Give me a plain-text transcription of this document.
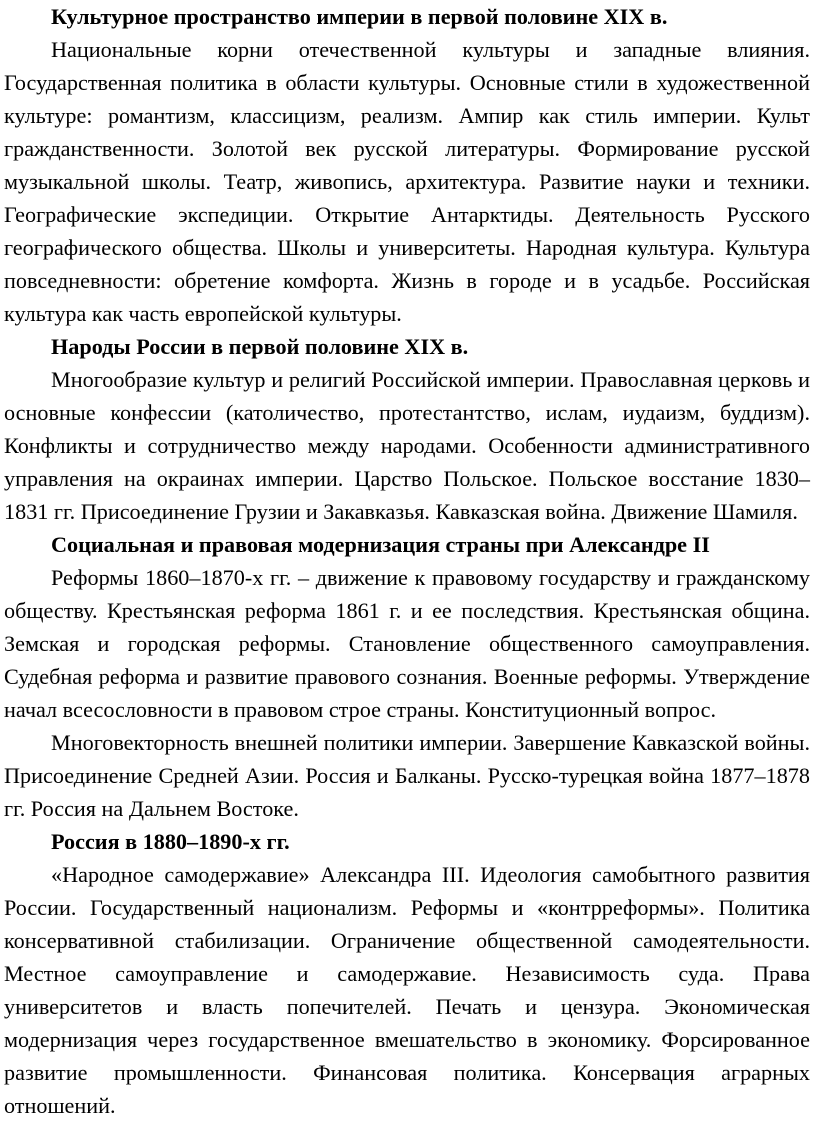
Культурное пространство империи в первой половине XIX в.

Национальные корни отечественной культуры и западные влияния. Государственная политика в области культуры. Основные стили в художественной культуре: романтизм, классицизм, реализм. Ампир как стиль империи. Культ гражданственности. Золотой век русской литературы. Формирование русской музыкальной школы. Театр, живопись, архитектура. Развитие науки и техники. Географические экспедиции. Открытие Антарктиды. Деятельность Русского географического общества. Школы и университеты. Народная культура. Культура повседневности: обретение комфорта. Жизнь в городе и в усадьбе. Российская культура как часть европейской культуры.

Народы России в первой половине XIX в.

Многообразие культур и религий Российской империи. Православная церковь и основные конфессии (католичество, протестантство, ислам, иудаизм, буддизм). Конфликты и сотрудничество между народами. Особенности административного управления на окраинах империи. Царство Польское. Польское восстание 1830–1831 гг. Присоединение Грузии и Закавказья. Кавказская война. Движение Шамиля.

Социальная и правовая модернизация страны при Александре II

Реформы 1860–1870-х гг. – движение к правовому государству и гражданскому обществу. Крестьянская реформа 1861 г. и ее последствия. Крестьянская община. Земская и городская реформы. Становление общественного самоуправления. Судебная реформа и развитие правового сознания. Военные реформы. Утверждение начал всесословности в правовом строе страны. Конституционный вопрос.

Многовекторность внешней политики империи. Завершение Кавказской войны. Присоединение Средней Азии. Россия и Балканы. Русско-турецкая война 1877–1878 гг. Россия на Дальнем Востоке.

Россия в 1880–1890-х гг.

«Народное самодержавие» Александра III. Идеология самобытного развития России. Государственный национализм. Реформы и «контрреформы». Политика консервативной стабилизации. Ограничение общественной самодеятельности. Местное самоуправление и самодержавие. Независимость суда. Права университетов и власть попечителей. Печать и цензура. Экономическая модернизация через государственное вмешательство в экономику. Форсированное развитие промышленности. Финансовая политика. Консервация аграрных отношений.
